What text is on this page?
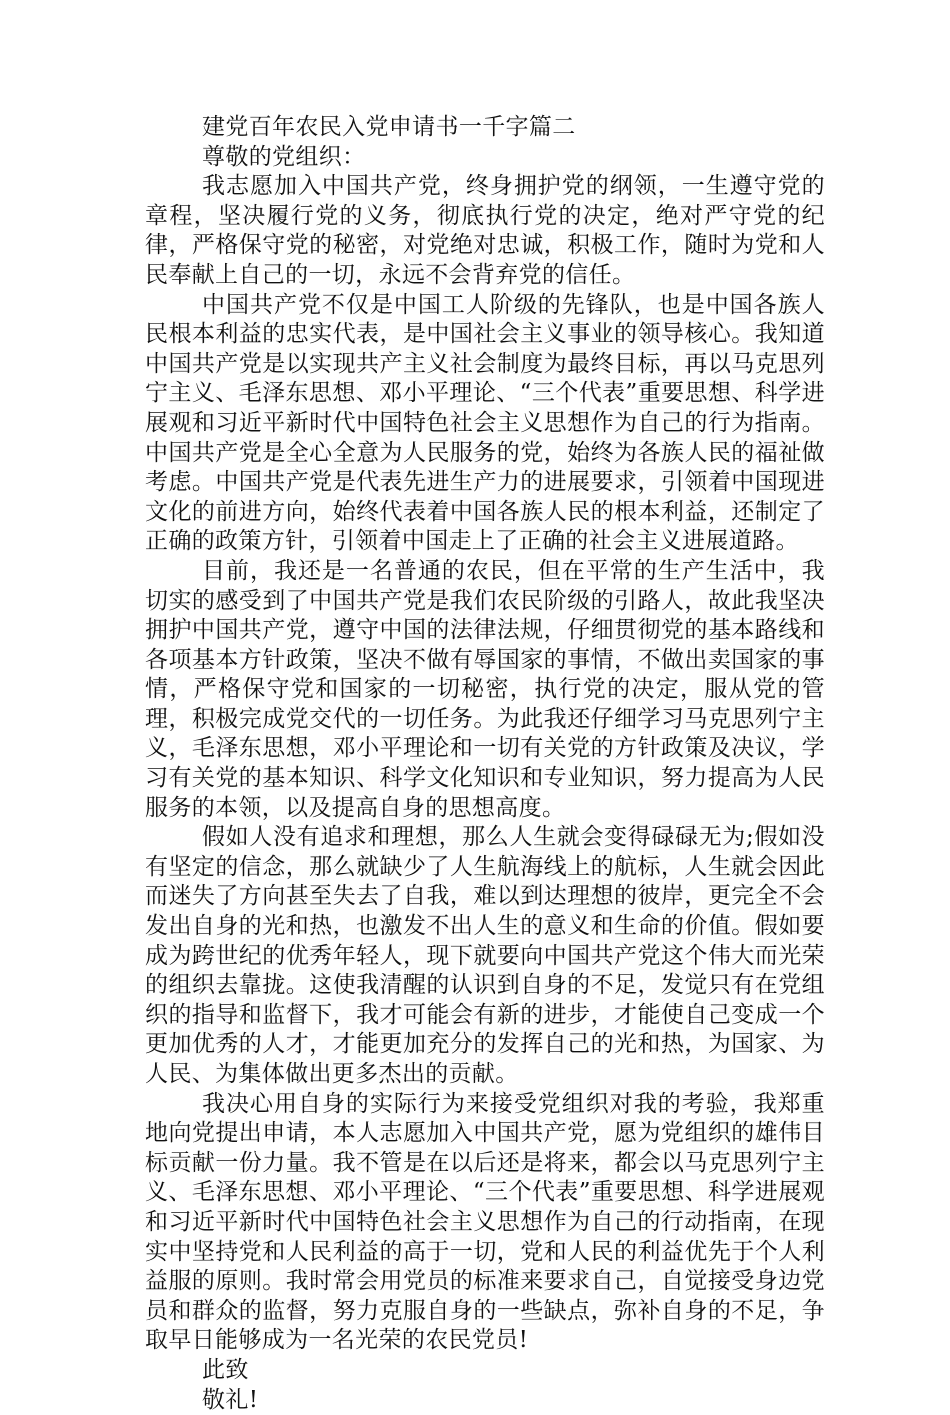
建党百年农民入党申请书一千字篇二

尊敬的党组织：

我志愿加入中国共产党，终身拥护党的纲领，一生遵守党的章程，坚决履行党的义务，彻底执行党的决定，绝对严守党的纪律，严格保守党的秘密，对党绝对忠诚，积极工作，随时为党和人民奉献上自己的一切，永远不会背弃党的信任。

中国共产党不仅是中国工人阶级的先锋队，也是中国各族人民根本利益的忠实代表，是中国社会主义事业的领导核心。我知道中国共产党是以实现共产主义社会制度为最终目标，再以马克思列宁主义、毛泽东思想、邓小平理论、“三个代表”重要思想、科学进展观和习近平新时代中国特色社会主义思想作为自己的行为指南。中国共产党是全心全意为人民服务的党，始终为各族人民的福祉做考虑。中国共产党是代表先进生产力的进展要求，引领着中国现进文化的前进方向，始终代表着中国各族人民的根本利益，还制定了正确的政策方针，引领着中国走上了正确的社会主义进展道路。

目前，我还是一名普通的农民，但在平常的生产生活中，我切实的感受到了中国共产党是我们农民阶级的引路人，故此我坚决拥护中国共产党，遵守中国的法律法规，仔细贯彻党的基本路线和各项基本方针政策，坚决不做有辱国家的事情，不做出卖国家的事情，严格保守党和国家的一切秘密，执行党的决定，服从党的管理，积极完成党交代的一切任务。为此我还仔细学习马克思列宁主义，毛泽东思想，邓小平理论和一切有关党的方针政策及决议，学习有关党的基本知识、科学文化知识和专业知识，努力提高为人民服务的本领，以及提高自身的思想高度。

假如人没有追求和理想，那么人生就会变得碌碌无为;假如没有坚定的信念，那么就缺少了人生航海线上的航标，人生就会因此而迷失了方向甚至失去了自我，难以到达理想的彼岸，更完全不会发出自身的光和热，也激发不出人生的意义和生命的价值。假如要成为跨世纪的优秀年轻人，现下就要向中国共产党这个伟大而光荣的组织去靠拢。这使我清醒的认识到自身的不足，发觉只有在党组织的指导和监督下，我才可能会有新的进步，才能使自己变成一个更加优秀的人才，才能更加充分的发挥自己的光和热，为国家、为人民、为集体做出更多杰出的贡献。

我决心用自身的实际行为来接受党组织对我的考验，我郑重地向党提出申请，本人志愿加入中国共产党，愿为党组织的雄伟目标贡献一份力量。我不管是在以后还是将来，都会以马克思列宁主义、毛泽东思想、邓小平理论、“三个代表”重要思想、科学进展观和习近平新时代中国特色社会主义思想作为自己的行动指南，在现实中坚持党和人民利益的高于一切，党和人民的利益优先于个人利益服的原则。我时常会用党员的标准来要求自己，自觉接受身边党员和群众的监督，努力克服自身的一些缺点，弥补自身的不足，争取早日能够成为一名光荣的农民党员!

此致

敬礼!
